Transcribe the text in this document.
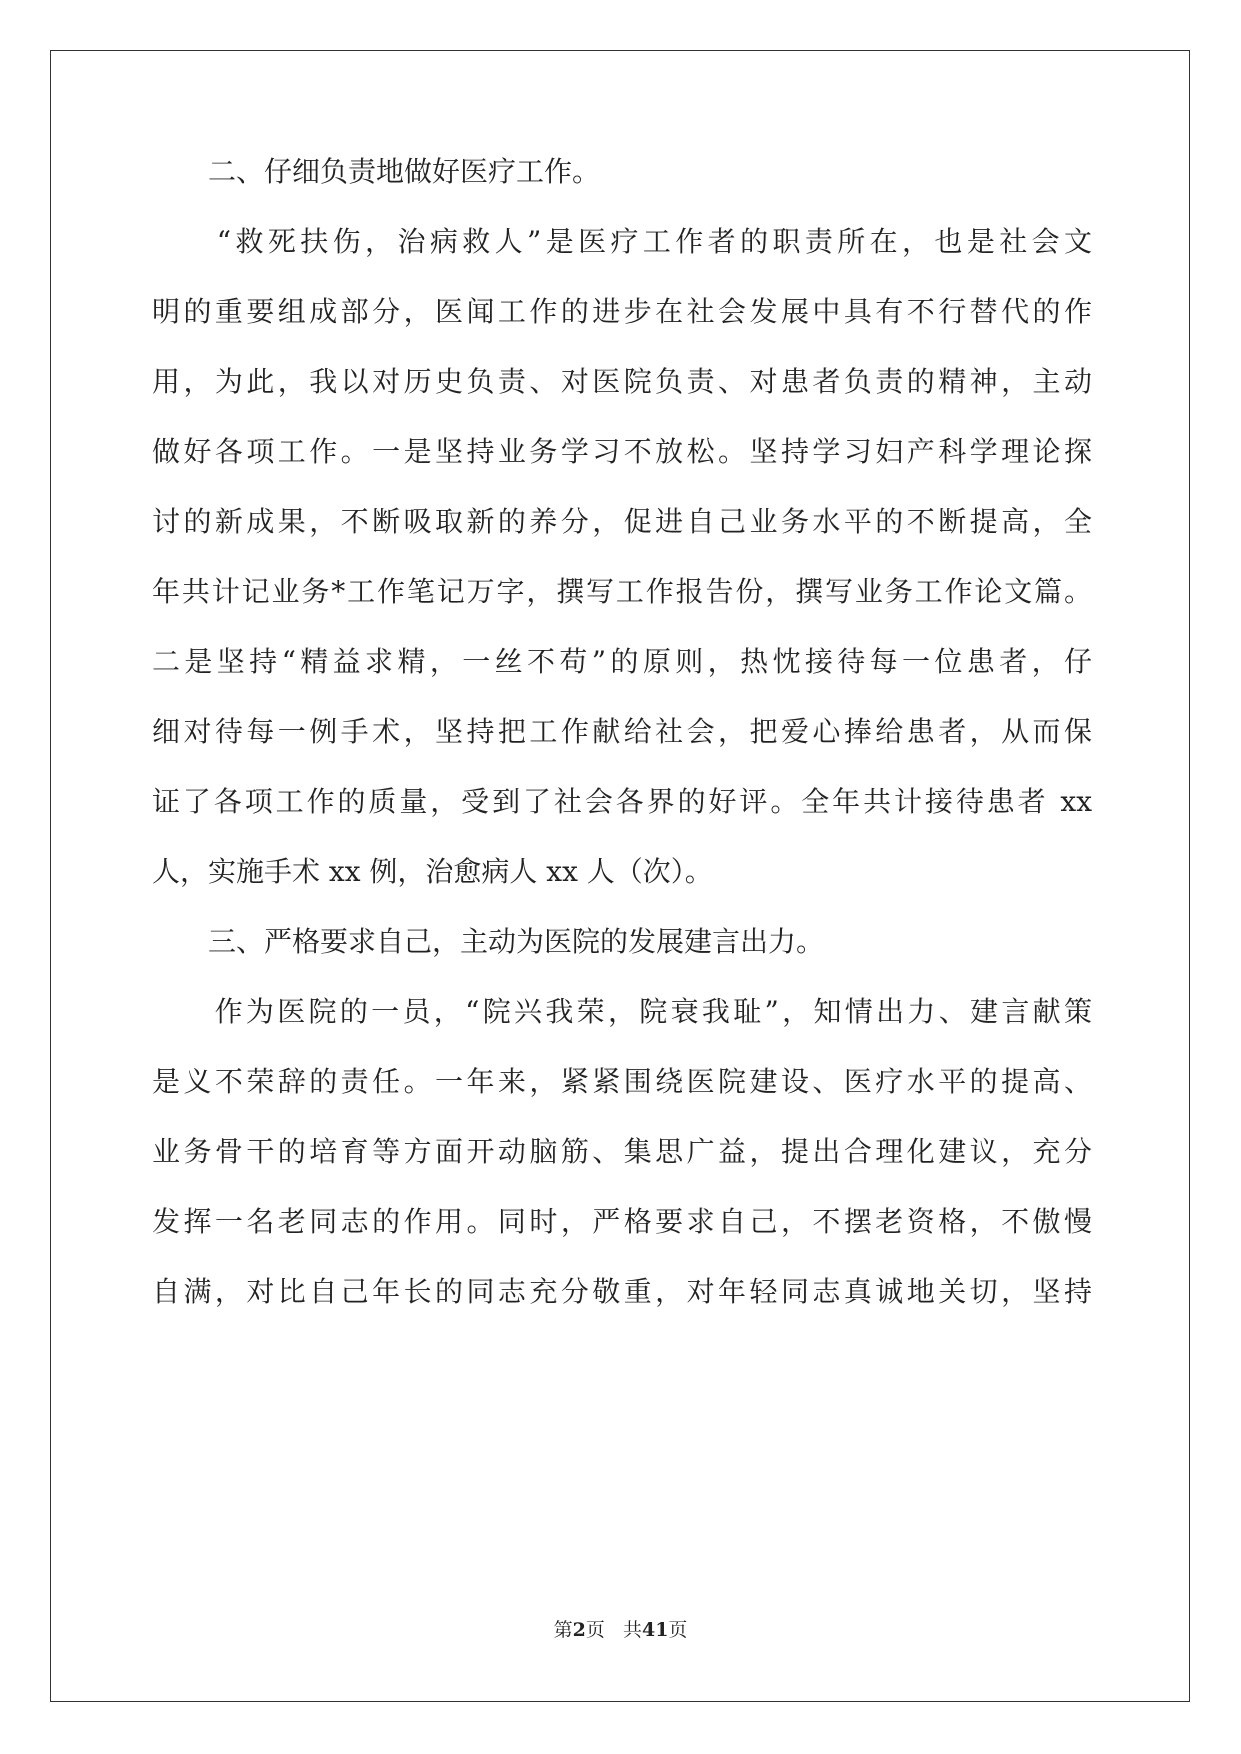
　　二、仔细负责地做好医疗工作。
　　“救死扶伤，治病救人”是医疗工作者的职责所在，也是社会文
明的重要组成部分，医闻工作的进步在社会发展中具有不行替代的作
用，为此，我以对历史负责、对医院负责、对患者负责的精神，主动
做好各项工作。一是坚持业务学习不放松。坚持学习妇产科学理论探
讨的新成果，不断吸取新的养分，促进自己业务水平的不断提高，全
年共计记业务*工作笔记万字，撰写工作报告份，撰写业务工作论文篇。
二是坚持“精益求精，一丝不苟”的原则，热忱接待每一位患者，仔
细对待每一例手术，坚持把工作献给社会，把爱心捧给患者，从而保
证了各项工作的质量，受到了社会各界的好评。全年共计接待患者 xx
人，实施手术 xx 例，治愈病人 xx 人（次）。
　　三、严格要求自己，主动为医院的发展建言出力。
　　作为医院的一员，“院兴我荣，院衰我耻”，知情出力、建言献策
是义不荣辞的责任。一年来，紧紧围绕医院建设、医疗水平的提高、
业务骨干的培育等方面开动脑筋、集思广益，提出合理化建议，充分
发挥一名老同志的作用。同时，严格要求自己，不摆老资格，不傲慢
自满，对比自己年长的同志充分敬重，对年轻同志真诚地关切，坚持
第2页 共41页
